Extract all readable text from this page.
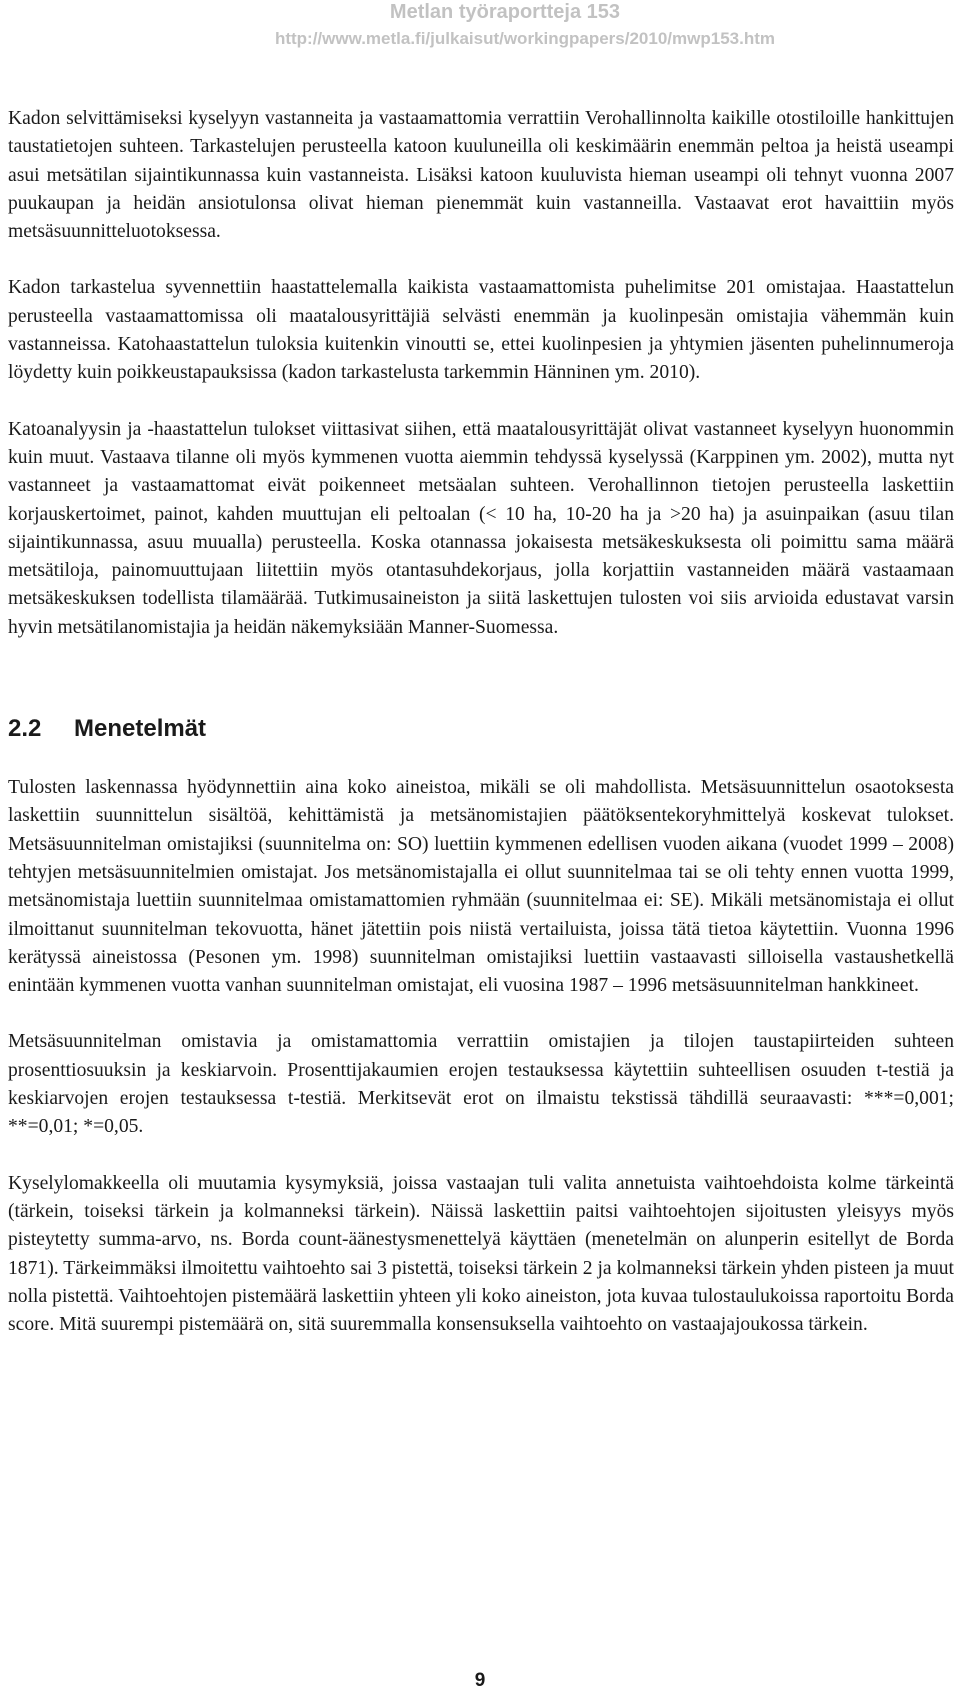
Metlan työraportteja 153
http://www.metla.fi/julkaisut/workingpapers/2010/mwp153.htm

Kadon selvittämiseksi kyselyyn vastanneita ja vastaamattomia verrattiin Verohallinnolta kaikille otostiloille hankittujen taustatietojen suhteen. Tarkastelujen perusteella katoon kuuluneilla oli keskimäärin enemmän peltoa ja heistä useampi asui metsätilan sijaintikunnassa kuin vastanneista. Lisäksi katoon kuuluvista hieman useampi oli tehnyt vuonna 2007 puukaupan ja heidän ansiotulonsa olivat hieman pienemmät kuin vastanneilla. Vastaavat erot havaittiin myös metsäsuunnitteluotoksessa.

Kadon tarkastelua syvennettiin haastattelemalla kaikista vastaamattomista puhelimitse 201 omistajaa. Haastattelun perusteella vastaamattomissa oli maatalousyrittäjiä selvästi enemmän ja kuolinpesän omistajia vähemmän kuin vastanneissa. Katohaastattelun tuloksia kuitenkin vinoutti se, ettei kuolinpesien ja yhtymien jäsenten puhelinnumeroja löydetty kuin poikkeustapauksissa (kadon tarkastelusta tarkemmin Hänninen ym. 2010).

Katoanalyysin ja -haastattelun tulokset viittasivat siihen, että maatalousyrittäjät olivat vastanneet kyselyyn huonommin kuin muut. Vastaava tilanne oli myös kymmenen vuotta aiemmin tehdyssä kyselyssä (Karppinen ym. 2002), mutta nyt vastanneet ja vastaamattomat eivät poikenneet metsäalan suhteen. Verohallinnon tietojen perusteella laskettiin korjauskertoimet, painot, kahden muuttujan eli peltoalan (< 10 ha, 10-20 ha ja >20 ha) ja asuinpaikan (asuu tilan sijaintikunnassa, asuu muualla) perusteella. Koska otannassa jokaisesta metsäkeskuksesta oli poimittu sama määrä metsätiloja, painomuuttujaan liitettiin myös otantasuhdekorjaus, jolla korjattiin vastanneiden määrä vastaamaan metsäkeskuksen todellista tilamäärää. Tutkimusaineiston ja siitä laskettujen tulosten voi siis arvioida edustavat varsin hyvin metsätilanomistajia ja heidän näkemyksiään Manner-Suomessa.

2.2 Menetelmät

Tulosten laskennassa hyödynnettiin aina koko aineistoa, mikäli se oli mahdollista. Metsäsuunnittelun osaotoksesta laskettiin suunnittelun sisältöä, kehittämistä ja metsänomistajien päätöksentekoryhmittelyä koskevat tulokset. Metsäsuunnitelman omistajiksi (suunnitelma on: SO) luettiin kymmenen edellisen vuoden aikana (vuodet 1999 – 2008) tehtyjen metsäsuunnitelmien omistajat. Jos metsänomistajalla ei ollut suunnitelmaa tai se oli tehty ennen vuotta 1999, metsänomistaja luettiin suunnitelmaa omistamattomien ryhmään (suunnitelmaa ei: SE). Mikäli metsänomistaja ei ollut ilmoittanut suunnitelman tekovuotta, hänet jätettiin pois niistä vertailuista, joissa tätä tietoa käytettiin. Vuonna 1996 kerätyssä aineistossa (Pesonen ym. 1998) suunnitelman omistajiksi luettiin vastaavasti silloisella vastaushetkellä enintään kymmenen vuotta vanhan suunnitelman omistajat, eli vuosina 1987 – 1996 metsäsuunnitelman hankkineet.

Metsäsuunnitelman omistavia ja omistamattomia verrattiin omistajien ja tilojen taustapiirteiden suhteen prosenttiosuuksin ja keskiarvoin. Prosenttijakaumien erojen testauksessa käytettiin suhteellisen osuuden t-testiä ja keskiarvojen erojen testauksessa t-testiä. Merkitsevät erot on ilmaistu tekstissä tähdillä seuraavasti: ***=0,001; **=0,01; *=0,05.

Kyselylomakkeella oli muutamia kysymyksiä, joissa vastaajan tuli valita annetuista vaihtoehdoista kolme tärkeintä (tärkein, toiseksi tärkein ja kolmanneksi tärkein). Näissä laskettiin paitsi vaihtoehtojen sijoitusten yleisyys myös pisteytetty summa-arvo, ns. Borda count-äänestysmenettelyä käyttäen (menetelmän on alunperin esitellyt de Borda 1871). Tärkeimmäksi ilmoitettu vaihtoehto sai 3 pistettä, toiseksi tärkein 2 ja kolmanneksi tärkein yhden pisteen ja muut nolla pistettä. Vaihtoehtojen pistemäärä laskettiin yhteen yli koko aineiston, jota kuvaa tulostaulukoissa raportoitu Borda score. Mitä suurempi pistemäärä on, sitä suuremmalla konsensuksella vaihtoehto on vastaajajoukossa tärkein.

9
